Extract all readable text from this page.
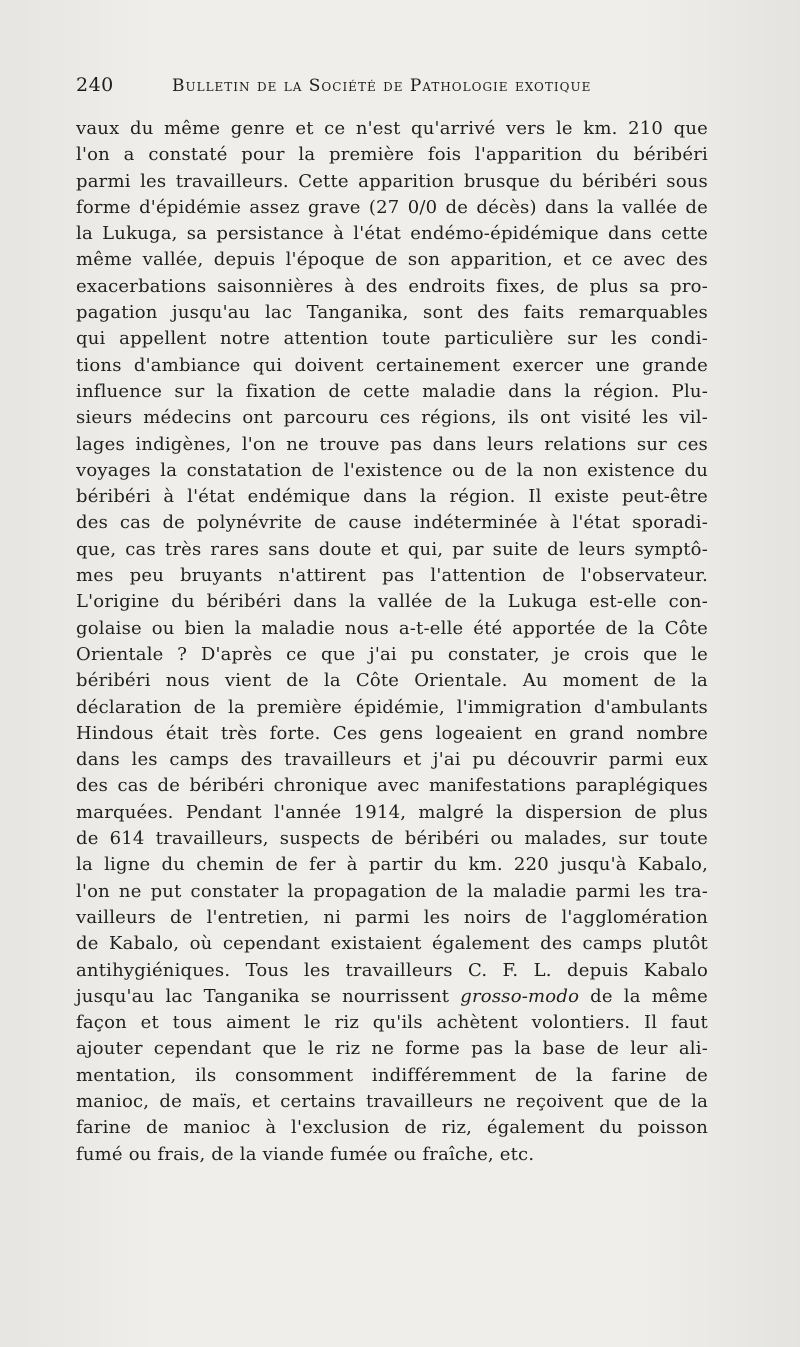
240	Bulletin de la Société de Pathologie exotique
vaux du même genre et ce n'est qu'arrivé vers le km. 210 que
l'on a constaté pour la première fois l'apparition du béribéri
parmi les travailleurs. Cette apparition brusque du béribéri sous
forme d'épidémie assez grave (27 0/0 de décès) dans la vallée de
la Lukuga, sa persistance à l'état endémo-épidémique dans cette
même vallée, depuis l'époque de son apparition, et ce avec des
exacerbations saisonnières à des endroits fixes, de plus sa pro-
pagation jusqu'au lac Tanganika, sont des faits remarquables
qui appellent notre attention toute particulière sur les condi-
tions d'ambiance qui doivent certainement exercer une grande
influence sur la fixation de cette maladie dans la région. Plu-
sieurs médecins ont parcouru ces régions, ils ont visité les vil-
lages indigènes, l'on ne trouve pas dans leurs relations sur ces
voyages la constatation de l'existence ou de la non existence du
béribéri à l'état endémique dans la région. Il existe peut-être
des cas de polynévrite de cause indéterminée à l'état sporadi-
que, cas très rares sans doute et qui, par suite de leurs symptô-
mes peu bruyants n'attirent pas l'attention de l'observateur.
L'origine du béribéri dans la vallée de la Lukuga est-elle con-
golaise ou bien la maladie nous a-t-elle été apportée de la Côte
Orientale ? D'après ce que j'ai pu constater, je crois que le
béribéri nous vient de la Côte Orientale. Au moment de la
déclaration de la première épidémie, l'immigration d'ambulants
Hindous était très forte. Ces gens logeaient en grand nombre
dans les camps des travailleurs et j'ai pu découvrir parmi eux
des cas de béribéri chronique avec manifestations paraplégiques
marquées. Pendant l'année 1914, malgré la dispersion de plus
de 614 travailleurs, suspects de béribéri ou malades, sur toute
la ligne du chemin de fer à partir du km. 220 jusqu'à Kabalo,
l'on ne put constater la propagation de la maladie parmi les tra-
vailleurs de l'entretien, ni parmi les noirs de l'agglomération
de Kabalo, où cependant existaient également des camps plutôt
antihygiéniques. Tous les travailleurs C. F. L. depuis Kabalo
jusqu'au lac Tanganika se nourrissent grosso-modo de la même
façon et tous aiment le riz qu'ils achètent volontiers. Il faut
ajouter cependant que le riz ne forme pas la base de leur ali-
mentation, ils consomment indifféremment de la farine de
manioc, de maïs, et certains travailleurs ne reçoivent que de la
farine de manioc à l'exclusion de riz, également du poisson
fumé ou frais, de la viande fumée ou fraîche, etc.
